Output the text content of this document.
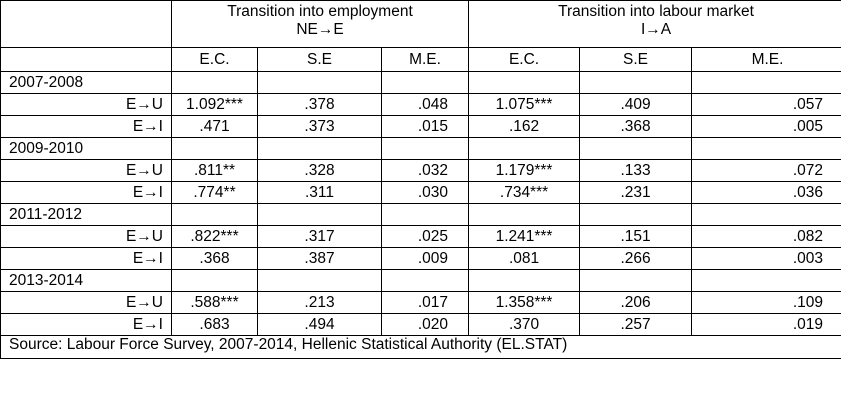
	Transition into employment
NE→E			Transition into labour market
I→A		

	E.C.	S.E	M.E.	E.C.	S.E	M.E.
2007-2008						
E→U	1.092***	.378	.048	1.075***	.409	.057
E→I	.471	.373	.015	.162	.368	.005
2009-2010						
E→U	.811**	.328	.032	1.179***	.133	.072
E→I	.774**	.311	.030	.734***	.231	.036
2011-2012						
E→U	.822***	.317	.025	1.241***	.151	.082
E→I	.368	.387	.009	.081	.266	.003
2013-2014						
E→U	.588***	.213	.017	1.358***	.206	.109
E→I	.683	.494	.020	.370	.257	.019
Source: Labour Force Survey, 2007-2014, Hellenic Statistical Authority (EL.STAT)						
